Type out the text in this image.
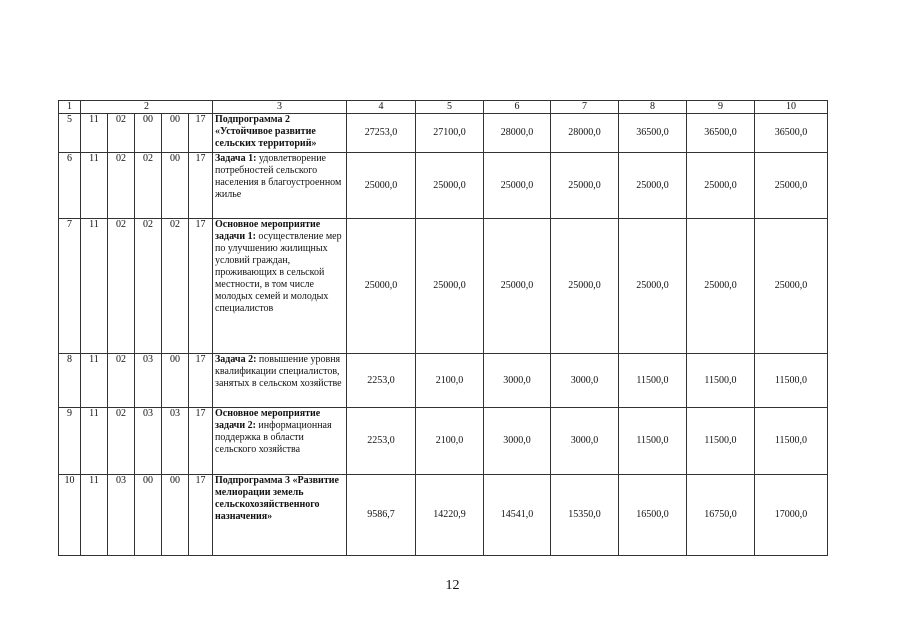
1	2					3	4	5	6	7	8	9	10
5	11	02	00	00	17	Подпрограмма 2 «Устойчивое развитие сельских территорий»	27253,0	27100,0	28000,0	28000,0	36500,0	36500,0	36500,0
6	11	02	02	00	17	Задача 1: удовлетворение потребностей сельского населения в благоустроенном жилье	25000,0	25000,0	25000,0	25000,0	25000,0	25000,0	25000,0
7	11	02	02	02	17	Основное мероприятие задачи 1: осуществление мер по улучшению жилищных условий граждан, проживающих в сельской местности, в том числе молодых семей и молодых специалистов	25000,0	25000,0	25000,0	25000,0	25000,0	25000,0	25000,0
8	11	02	03	00	17	Задача 2: повышение уровня квалификации специалистов, занятых в сельском хозяйстве	2253,0	2100,0	3000,0	3000,0	11500,0	11500,0	11500,0
9	11	02	03	03	17	Основное мероприятие задачи 2: информационная поддержка в области сельского хозяйства	2253,0	2100,0	3000,0	3000,0	11500,0	11500,0	11500,0
10	11	03	00	00	17	Подпрограмма 3 «Развитие мелиорации земель сельскохозяйственного назначения»	9586,7	14220,9	14541,0	15350,0	16500,0	16750,0	17000,0
12
